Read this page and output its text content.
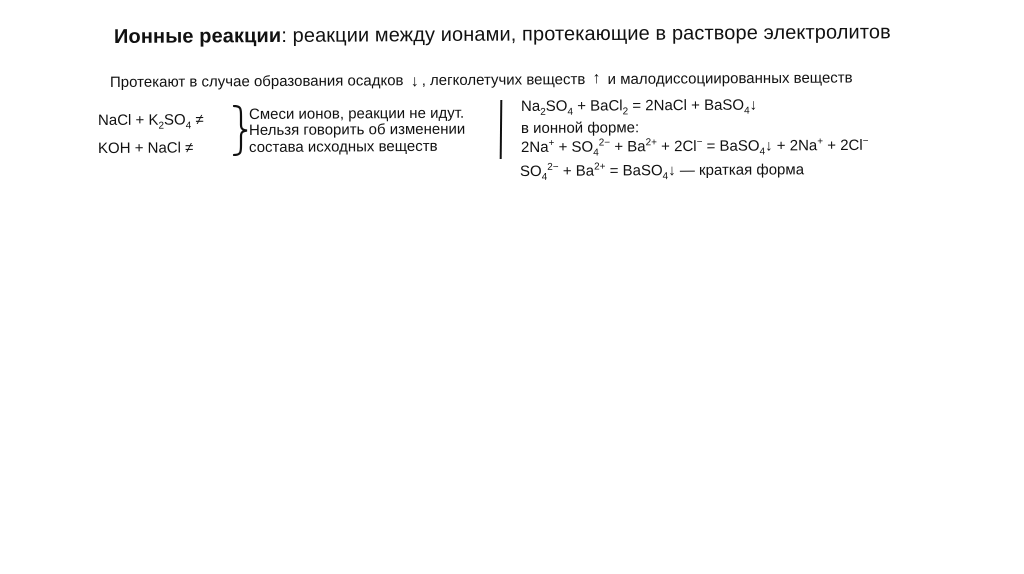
Ионные реакции: реакции между ионами, протекающие в растворе электролитов
Протекают в случае образования осадков ↓ , легколетучих веществ ↑ и малодиссоциированных веществ
NaCl + $K_2SO_4$ ≠
KOH + NaCl ≠
Смеси ионов, реакции не идут.
Нельзя говорить об изменении
состава исходных веществ
$Na_2SO_4$ + BaCl$_2$ = 2NaCl + BaSO$_4$↓
в ионной форме:
$2Na^+ + SO_4^{2-} + Ba^{2+} + 2Cl^-$ = BaSO$_4$↓ + 2Na+ + 2Cl−
$SO_4^{2-} + Ba^{2+}$ = BaSO$_4$↓ — краткая форма
